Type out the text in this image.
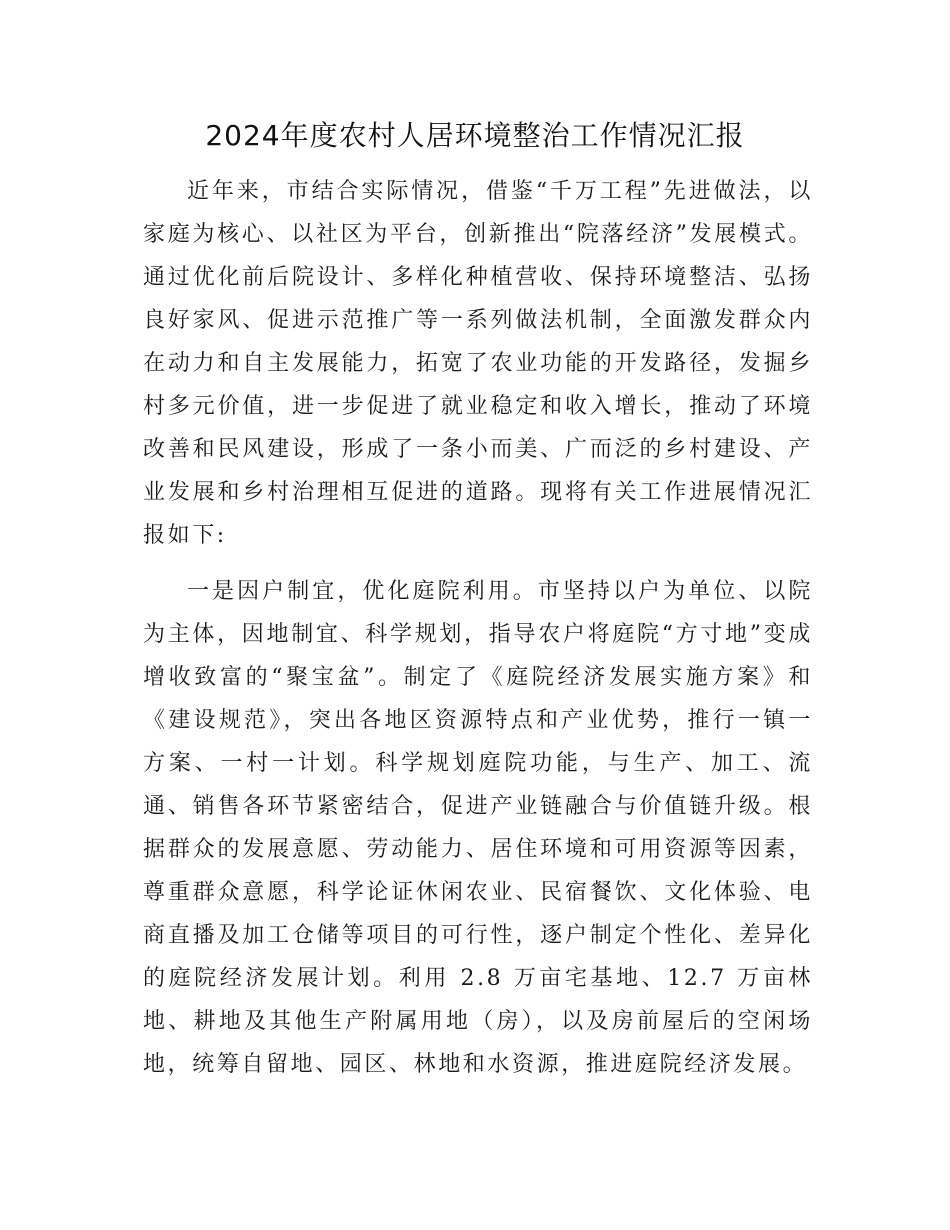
2024年度农村人居环境整治工作情况汇报

近年来，市结合实际情况，借鉴“千万工程”先进做法，以家庭为核心、以社区为平台，创新推出“院落经济”发展模式。通过优化前后院设计、多样化种植营收、保持环境整洁、弘扬良好家风、促进示范推广等一系列做法机制，全面激发群众内在动力和自主发展能力，拓宽了农业功能的开发路径，发掘乡村多元价值，进一步促进了就业稳定和收入增长，推动了环境改善和民风建设，形成了一条小而美、广而泛的乡村建设、产业发展和乡村治理相互促进的道路。现将有关工作进展情况汇报如下:

一是因户制宜，优化庭院利用。市坚持以户为单位、以院为主体，因地制宜、科学规划，指导农户将庭院“方寸地”变成增收致富的“聚宝盆”。制定了《庭院经济发展实施方案》和《建设规范》，突出各地区资源特点和产业优势，推行一镇一方案、一村一计划。科学规划庭院功能，与生产、加工、流通、销售各环节紧密结合，促进产业链融合与价值链升级。根据群众的发展意愿、劳动能力、居住环境和可用资源等因素，尊重群众意愿，科学论证休闲农业、民宿餐饮、文化体验、电商直播及加工仓储等项目的可行性，逐户制定个性化、差异化的庭院经济发展计划。利用 2.8 万亩宅基地、12.7 万亩林地、耕地及其他生产附属用地（房），以及房前屋后的空闲场地，统筹自留地、园区、林地和水资源，推进庭院经济发展。
